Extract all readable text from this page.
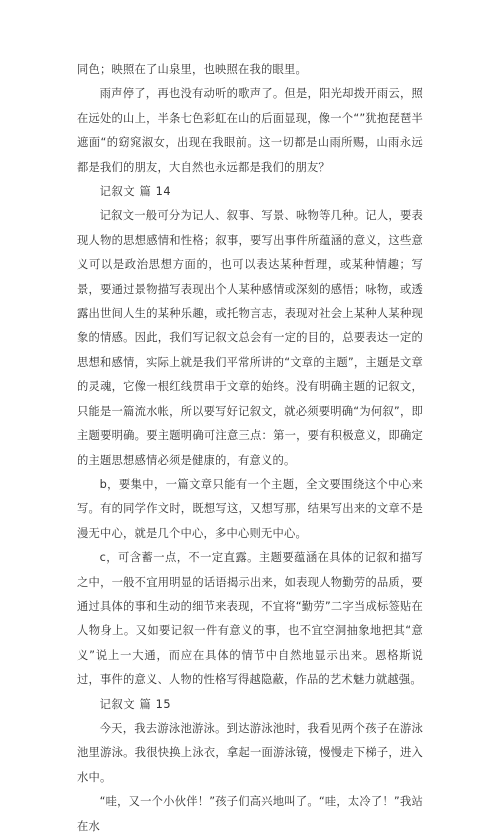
同色；映照在了山泉里，也映照在我的眼里。

雨声停了，再也没有动听的歌声了。但是，阳光却拨开雨云，照在远处的山上，半条七色彩虹在山的后面显现，像一个“”犹抱琵琶半遮面“的窈窕淑女，出现在我眼前。这一切都是山雨所赐，山雨永远都是我们的朋友，大自然也永远都是我们的朋友？

记叙文 篇 14

记叙文一般可分为记人、叙事、写景、咏物等几种。记人，要表现人物的思想感情和性格；叙事，要写出事件所蕴涵的意义，这些意义可以是政治思想方面的，也可以表达某种哲理，或某种情趣；写景，要通过景物描写表现出个人某种感情或深刻的感悟；咏物，或透露出世间人生的某种乐趣，或托物言志，表现对社会上某种人某种现象的情感。因此，我们写记叙文总会有一定的目的，总要表达一定的思想和感情，实际上就是我们平常所讲的“文章的主题”，主题是文章的灵魂，它像一根红线贯串于文章的始终。没有明确主题的记叙文，只能是一篇流水帐，所以要写好记叙文，就必须要明确“为何叙”，即主题要明确。要主题明确可注意三点：第一，要有积极意义，即确定的主题思想感情必须是健康的，有意义的。

b，要集中，一篇文章只能有一个主题，全文要围绕这个中心来写。有的同学作文时，既想写这，又想写那，结果写出来的文章不是漫无中心，就是几个中心，多中心则无中心。

c，可含蓄一点，不一定直露。主题要蕴涵在具体的记叙和描写之中，一般不宜用明显的话语揭示出来，如表现人物勤劳的品质，要通过具体的事和生动的细节来表现，不宜将“勤劳”二字当成标签贴在人物身上。又如要记叙一件有意义的事，也不宜空洞抽象地把其“意义”说上一大通，而应在具体的情节中自然地显示出来。恩格斯说过，事件的意义、人物的性格写得越隐蔽，作品的艺术魅力就越强。

记叙文 篇 15

今天，我去游泳池游泳。到达游泳池时，我看见两个孩子在游泳池里游泳。我很快换上泳衣，拿起一面游泳镜，慢慢走下梯子，进入水中。

“哇，又一个小伙伴！”孩子们高兴地叫了。“哇，太冷了！”我站在水
